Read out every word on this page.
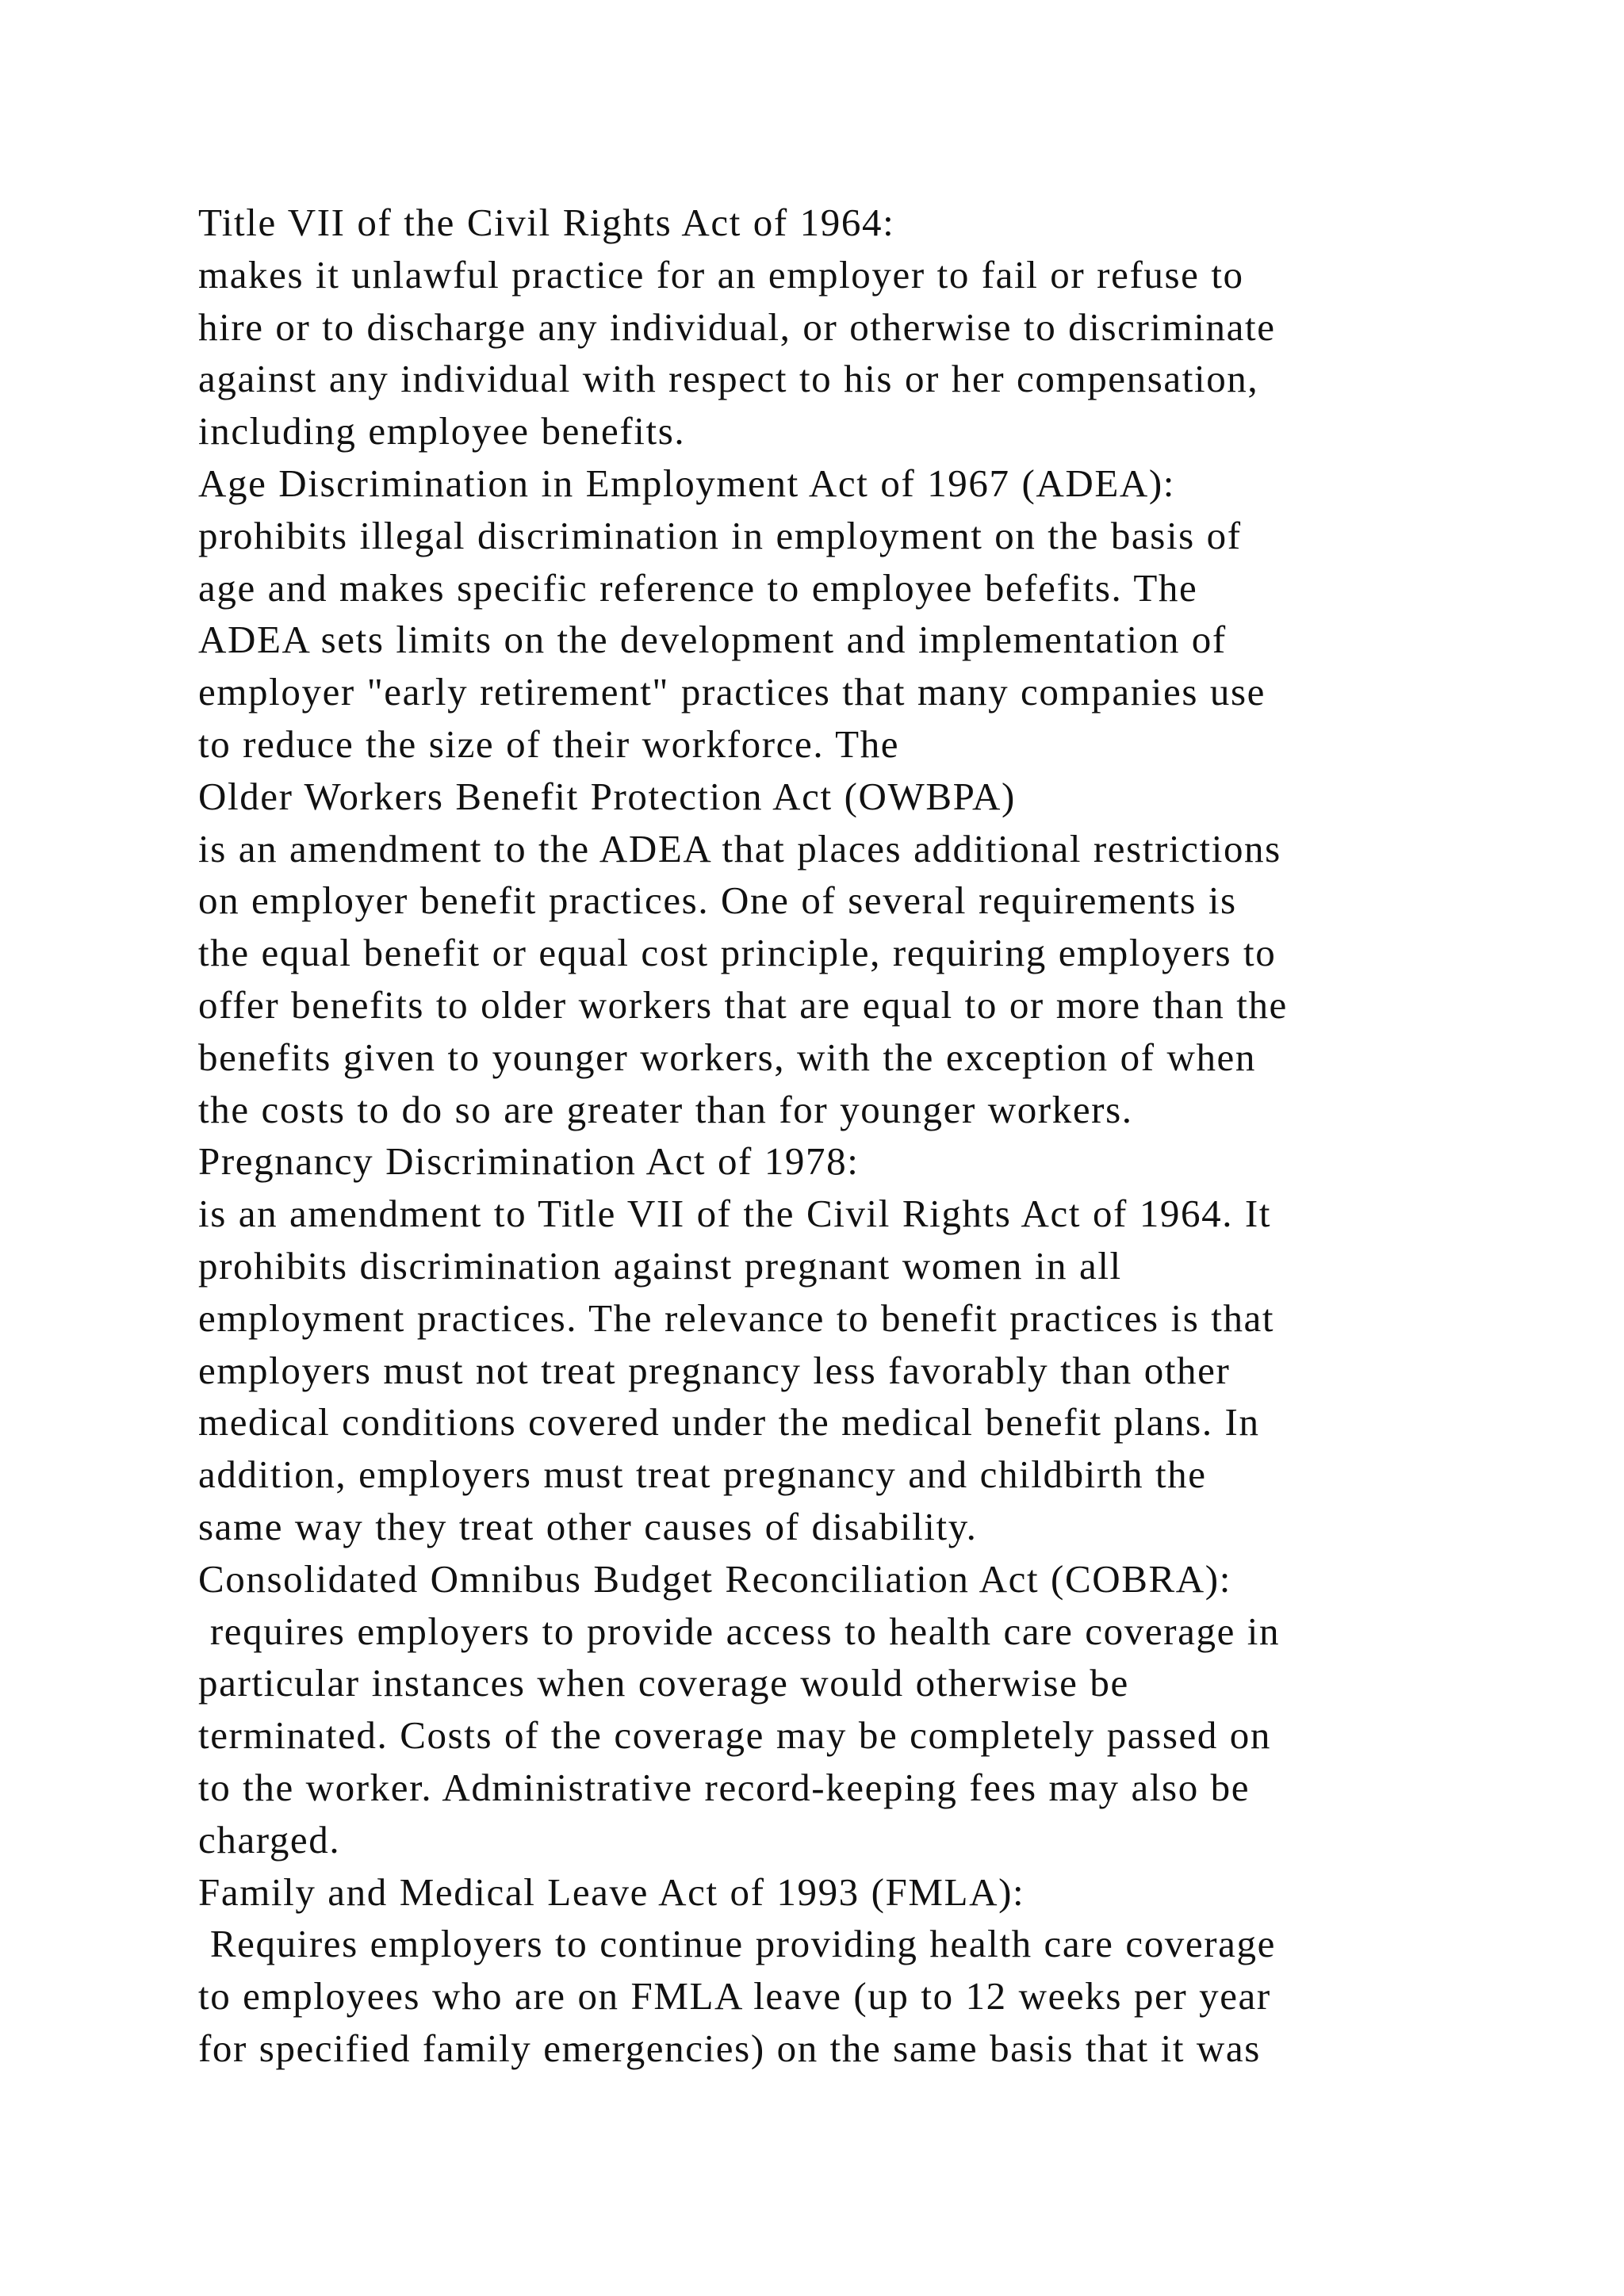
Title VII of the Civil Rights Act of 1964:
makes it unlawful practice for an employer to fail or refuse to
hire or to discharge any individual, or otherwise to discriminate
against any individual with respect to his or her compensation,
including employee benefits.
Age Discrimination in Employment Act of 1967 (ADEA):
prohibits illegal discrimination in employment on the basis of
age and makes specific reference to employee befefits. The
ADEA sets limits on the development and implementation of
employer "early retirement" practices that many companies use
to reduce the size of their workforce. The
Older Workers Benefit Protection Act (OWBPA)
is an amendment to the ADEA that places additional restrictions
on employer benefit practices. One of several requirements is
the equal benefit or equal cost principle, requiring employers to
offer benefits to older workers that are equal to or more than the
benefits given to younger workers, with the exception of when
the costs to do so are greater than for younger workers.
Pregnancy Discrimination Act of 1978:
is an amendment to Title VII of the Civil Rights Act of 1964. It
prohibits discrimination against pregnant women in all
employment practices. The relevance to benefit practices is that
employers must not treat pregnancy less favorably than other
medical conditions covered under the medical benefit plans. In
addition, employers must treat pregnancy and childbirth the
same way they treat other causes of disability.
Consolidated Omnibus Budget Reconciliation Act (COBRA):
requires employers to provide access to health care coverage in
particular instances when coverage would otherwise be
terminated. Costs of the coverage may be completely passed on
to the worker. Administrative record-keeping fees may also be
charged.
Family and Medical Leave Act of 1993 (FMLA):
Requires employers to continue providing health care coverage
to employees who are on FMLA leave (up to 12 weeks per year
for specified family emergencies) on the same basis that it was
